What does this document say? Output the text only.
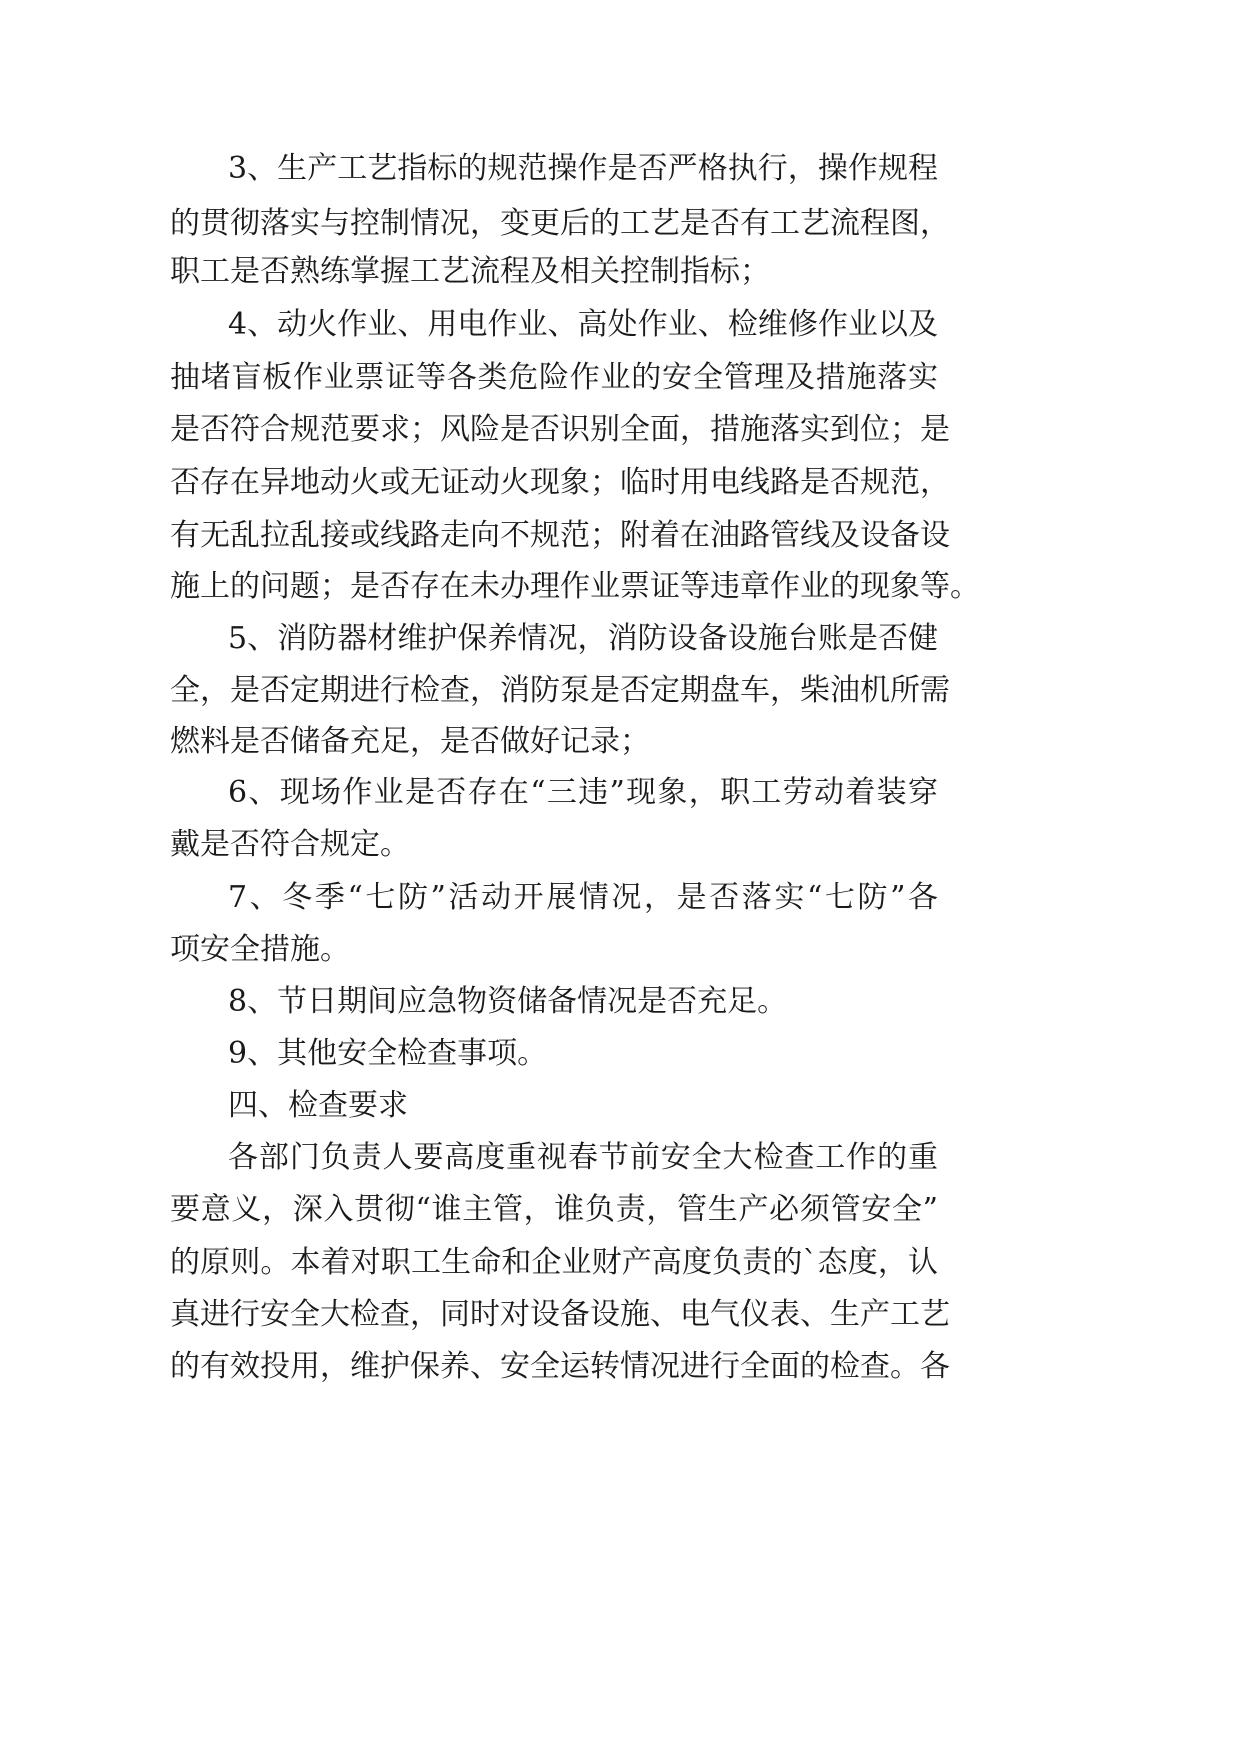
3、生产工艺指标的规范操作是否严格执行，操作规程
的贯彻落实与控制情况，变更后的工艺是否有工艺流程图，
职工是否熟练掌握工艺流程及相关控制指标；
4、动火作业、用电作业、高处作业、检维修作业以及
抽堵盲板作业票证等各类危险作业的安全管理及措施落实
是否符合规范要求；风险是否识别全面，措施落实到位；是
否存在异地动火或无证动火现象；临时用电线路是否规范，
有无乱拉乱接或线路走向不规范；附着在油路管线及设备设
施上的问题；是否存在未办理作业票证等违章作业的现象等。
5、消防器材维护保养情况，消防设备设施台账是否健
全，是否定期进行检查，消防泵是否定期盘车，柴油机所需
燃料是否储备充足，是否做好记录；
6、现场作业是否存在“三违”现象，职工劳动着装穿
戴是否符合规定。
7、冬季“七防”活动开展情况，是否落实“七防”各
项安全措施。
8、节日期间应急物资储备情况是否充足。
9、其他安全检查事项。
四、检查要求
各部门负责人要高度重视春节前安全大检查工作的重
要意义，深入贯彻“谁主管，谁负责，管生产必须管安全”
的原则。本着对职工生命和企业财产高度负责的`态度，认
真进行安全大检查，同时对设备设施、电气仪表、生产工艺
的有效投用，维护保养、安全运转情况进行全面的检查。各
